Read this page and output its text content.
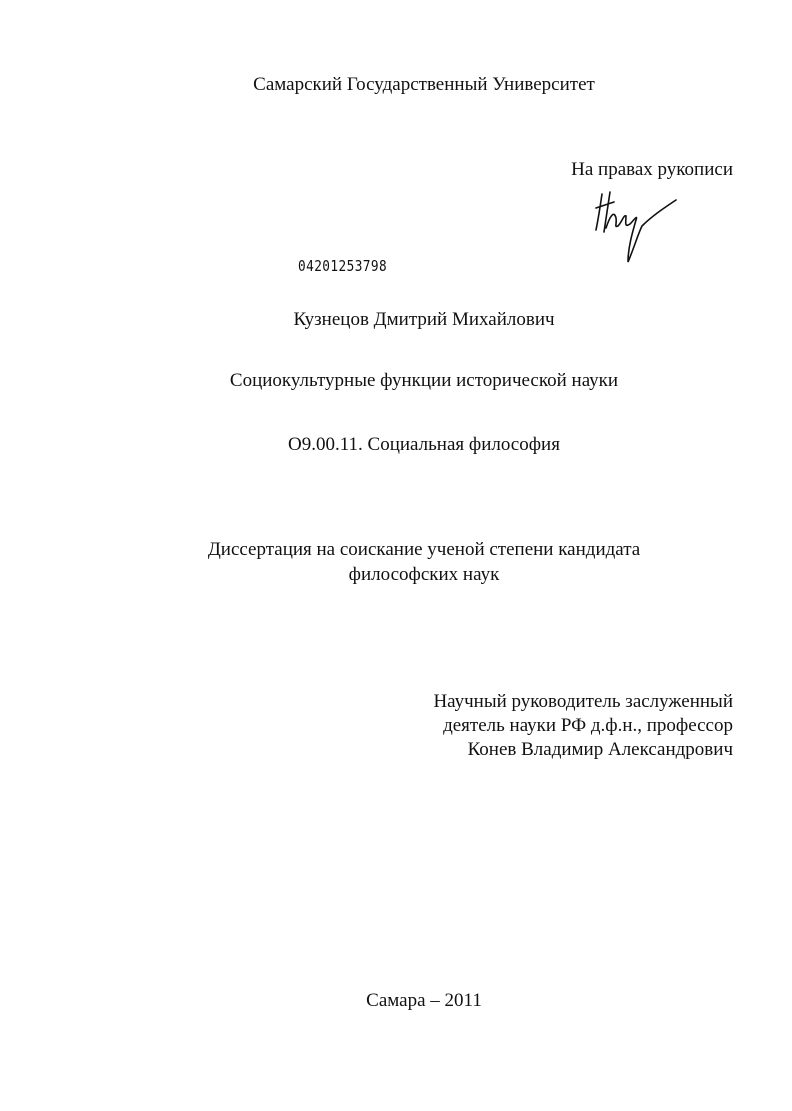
Самарский Государственный Университет
На правах рукописи
04201253798
Кузнецов Дмитрий Михайлович
Социокультурные функции исторической науки
О9.00.11. Социальная философия
Диссертация на соискание ученой степени кандидата
философских наук
Научный руководитель заслуженный
деятель науки РФ д.ф.н., профессор
Конев Владимир Александрович
Самара – 2011
